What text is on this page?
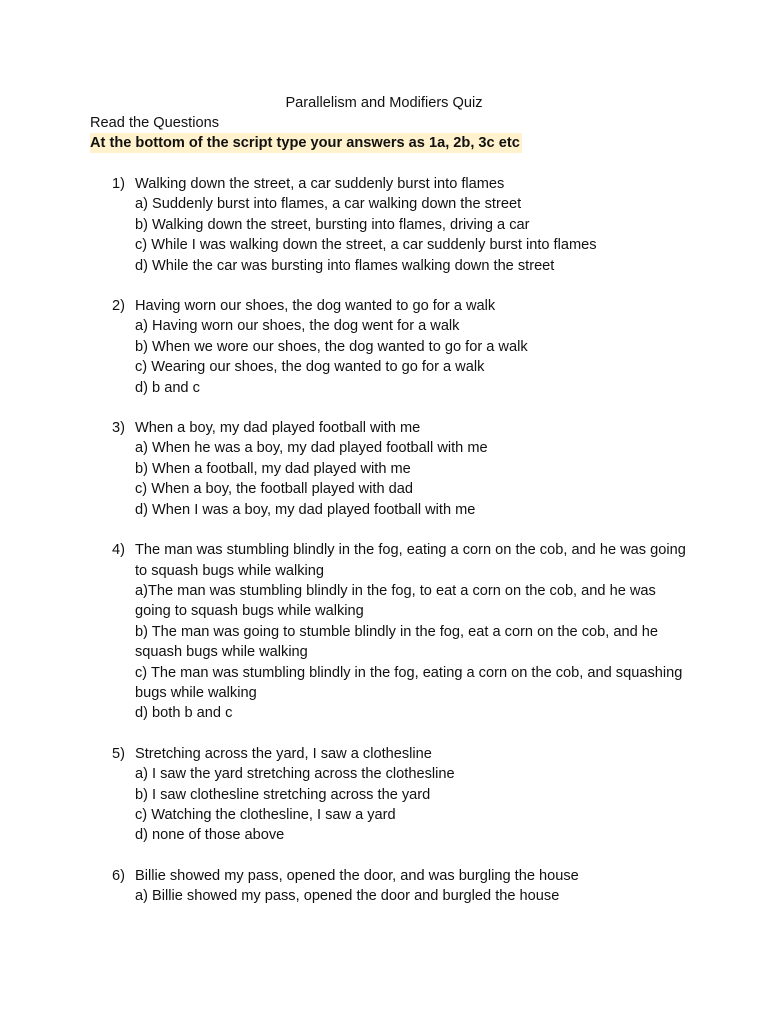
Parallelism and Modifiers Quiz
Read the Questions
At the bottom of the script type your answers as 1a, 2b, 3c etc
1) Walking down the street, a car suddenly burst into flames
a) Suddenly burst into flames, a car walking down the street
b) Walking down the street, bursting into flames, driving a car
c) While I was walking down the street, a car suddenly burst into flames
d) While the car was bursting into flames walking down the street
2) Having worn our shoes, the dog wanted to go for a walk
a) Having worn our shoes, the dog went for a walk
b) When we wore our shoes, the dog wanted to go for a walk
c) Wearing our shoes, the dog wanted to go for a walk
d) b and c
3) When a boy, my dad played football with me
a) When he was a boy, my dad played football with me
b) When a football, my dad played with me
c) When a boy, the football played with dad
d) When I was a boy, my dad played football with me
4) The man was stumbling blindly in the fog, eating a corn on the cob, and he was going to squash bugs while walking
a)The man was stumbling blindly in the fog, to eat a corn on the cob, and he was going to squash bugs while walking
b) The man was going to stumble blindly in the fog, eat a corn on the cob, and he squash bugs while walking
c) The man was stumbling blindly in the fog, eating a corn on the cob, and squashing bugs while walking
d) both b and c
5) Stretching across the yard, I saw a clothesline
a) I saw the yard stretching across the clothesline
b) I saw clothesline stretching across the yard
c) Watching the clothesline, I saw a yard
d) none of those above
6) Billie showed my pass, opened the door, and was burgling the house
a) Billie showed my pass, opened the door and burgled the house
